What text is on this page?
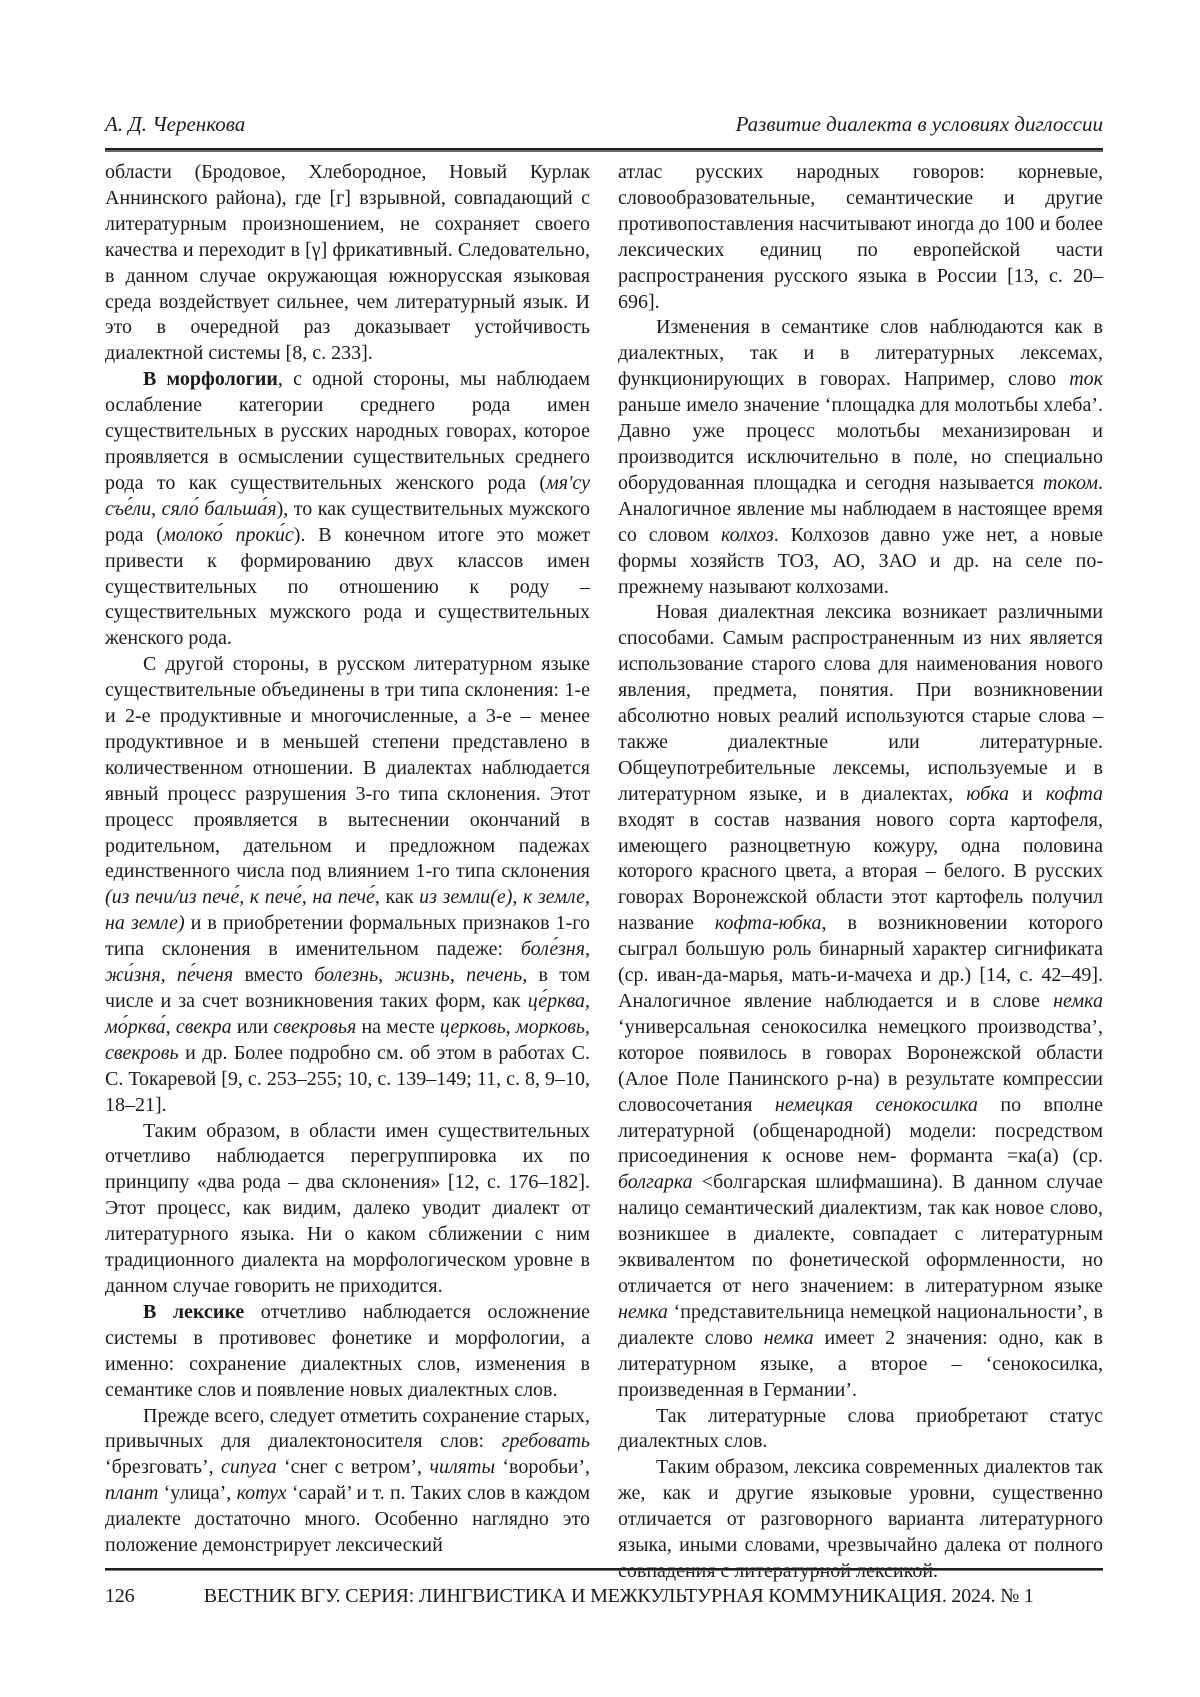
А. Д. Черенкова	Развитие диалекта в условиях диглоссии

области (Бродовое, Хлебородное, Новый Курлак Аннинского района), где [г] взрывной, совпадающий с литературным произношением, не сохраняет своего качества и переходит в [γ] фрикативный. Следовательно, в данном случае окружающая южнорусская языковая среда воздействует сильнее, чем литературный язык. И это в очередной раз доказывает устойчивость диалектной системы [8, с. 233].

В морфологии, с одной стороны, мы наблюдаем ослабление категории среднего рода имен существительных в русских народных говорах, которое проявляется в осмыслении существительных среднего рода то как существительных женского рода (мя'су съе́ли, сяло́ бальша́я), то как существительных мужского рода (молоко́ проки́с). В конечном итоге это может привести к формированию двух классов имен существительных по отношению к роду – существительных мужского рода и существительных женского рода.

С другой стороны, в русском литературном языке существительные объединены в три типа склонения: 1-е и 2-е продуктивные и многочисленные, а 3-е – менее продуктивное и в меньшей степени представлено в количественном отношении. В диалектах наблюдается явный процесс разрушения 3-го типа склонения. Этот процесс проявляется в вытеснении окончаний в родительном, дательном и предложном падежах единственного числа под влиянием 1-го типа склонения (из печи/из пече́, к пече́, на пече́, как из земли(е), к земле, на земле) и в приобретении формальных признаков 1-го типа склонения в именительном падеже: боле́зня, жи́зня, пе́ченя вместо болезнь, жизнь, печень, в том числе и за счет возникновения таких форм, как це́рква, мо́рква́, свекра или свекровья на месте церковь, морковь, свекровь и др. Более подробно см. об этом в работах С. С. Токаревой [9, с. 253–255; 10, с. 139–149; 11, с. 8, 9–10, 18–21].

Таким образом, в области имен существительных отчетливо наблюдается перегруппировка их по принципу «два рода – два склонения» [12, с. 176–182]. Этот процесс, как видим, далеко уводит диалект от литературного языка. Ни о каком сближении с ним традиционного диалекта на морфологическом уровне в данном случае говорить не приходится.

В лексике отчетливо наблюдается осложнение системы в противовес фонетике и морфологии, а именно: сохранение диалектных слов, изменения в семантике слов и появление новых диалектных слов.

Прежде всего, следует отметить сохранение старых, привычных для диалектоносителя слов: гребовать ‘брезговать’, сипуга ‘снег с ветром’, чиляты ‘воробьи’, плант ‘улица’, котух ‘сарай’ и т. п. Таких слов в каждом диалекте достаточно много. Особенно наглядно это положение демонстрирует лексический

атлас русских народных говоров: корневые, словообразовательные, семантические и другие противопоставления насчитывают иногда до 100 и более лексических единиц по европейской части распространения русского языка в России [13, с. 20–696].

Изменения в семантике слов наблюдаются как в диалектных, так и в литературных лексемах, функционирующих в говорах. Например, слово ток раньше имело значение ‘площадка для молотьбы хлеба’. Давно уже процесс молотьбы механизирован и производится исключительно в поле, но специально оборудованная площадка и сегодня называется током. Аналогичное явление мы наблюдаем в настоящее время со словом колхоз. Колхозов давно уже нет, а новые формы хозяйств ТОЗ, АО, ЗАО и др. на селе по-прежнему называют колхозами.

Новая диалектная лексика возникает различными способами. Самым распространенным из них является использование старого слова для наименования нового явления, предмета, понятия. При возникновении абсолютно новых реалий используются старые слова – также диалектные или литературные. Общеупотребительные лексемы, используемые и в литературном языке, и в диалектах, юбка и кофта входят в состав названия нового сорта картофеля, имеющего разноцветную кожуру, одна половина которого красного цвета, а вторая – белого. В русских говорах Воронежской области этот картофель получил название кофта-юбка, в возникновении которого сыграл большую роль бинарный характер сигнификата (ср. иван-да-марья, мать-и-мачеха и др.) [14, с. 42–49]. Аналогичное явление наблюдается и в слове немка ‘универсальная сенокосилка немецкого производства’, которое появилось в говорах Воронежской области (Алое Поле Панинского р-на) в результате компрессии словосочетания немецкая сенокосилка по вполне литературной (общенародной) модели: посредством присоединения к основе нем- форманта =ка(а) (ср. болгарка <болгарская шлифмашина). В данном случае налицо семантический диалектизм, так как новое слово, возникшее в диалекте, совпадает с литературным эквивалентом по фонетической оформленности, но отличается от него значением: в литературном языке немка ‘представительница немецкой национальности’, в диалекте слово немка имеет 2 значения: одно, как в литературном языке, а второе – ‘сенокосилка, произведенная в Германии’.

Так литературные слова приобретают статус диалектных слов.

Таким образом, лексика современных диалектов так же, как и другие языковые уровни, существенно отличается от разговорного варианта литературного языка, иными словами, чрезвычайно далека от полного

126	ВЕСТНИК ВГУ. СЕРИЯ: ЛИНГВИСТИКА И МЕЖКУЛЬТУРНАЯ КОММУНИКАЦИЯ. 2024. № 1
